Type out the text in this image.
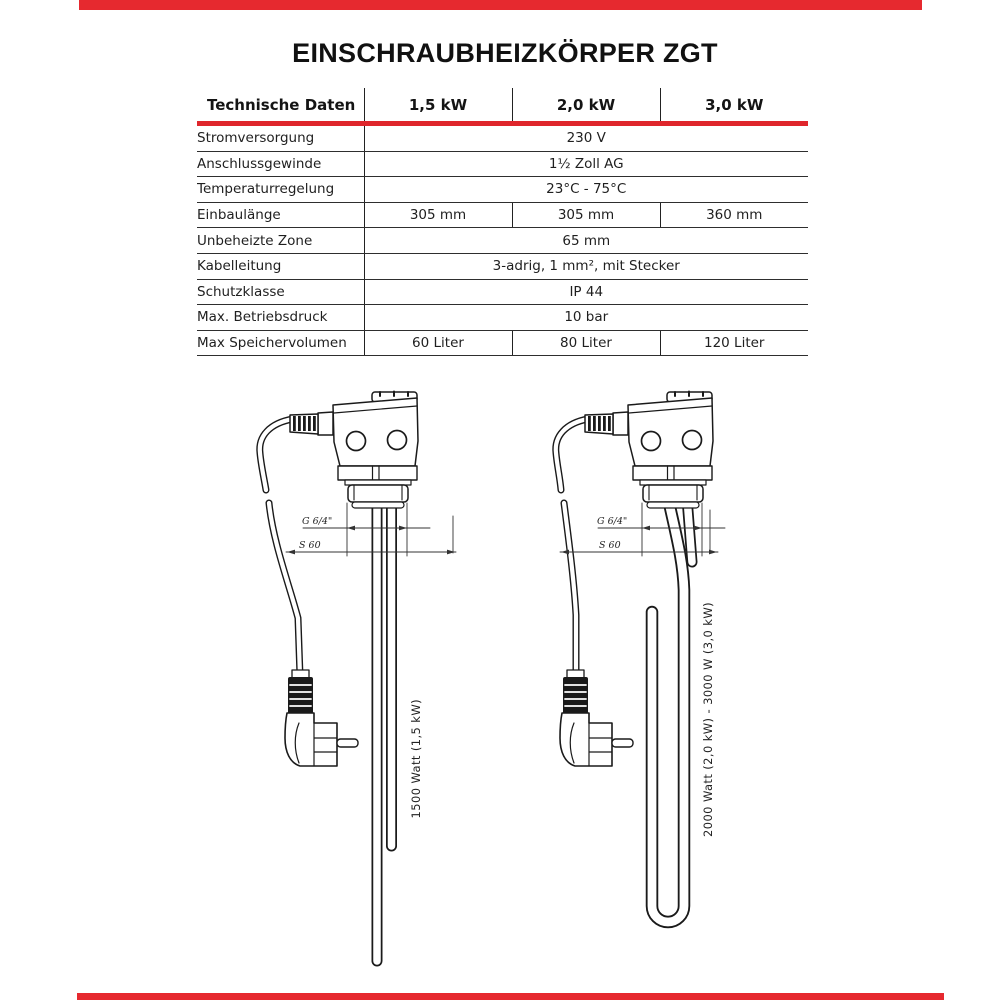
EINSCHRAUBHEIZKÖRPER ZGT
Technische Daten	1,5 kW	2,0 kW	3,0 kW
Stromversorgung	230 V		
Anschlussgewinde	1½ Zoll AG		
Temperaturregelung	23°C - 75°C		
Einbaulänge	305 mm	305 mm	360 mm
Unbeheizte Zone	65 mm		
Kabelleitung	3-adrig, 1 mm², mit Stecker		
Schutzklasse	IP 44		
Max. Betriebsdruck	10 bar		
Max Speichervolumen	60 Liter	80 Liter	120 Liter
G 6/4"
S 60
G 6/4"
S 60
1500 Watt (1,5 kW)	2000 Watt (2,0 kW) - 3000 W (3,0 kW)
